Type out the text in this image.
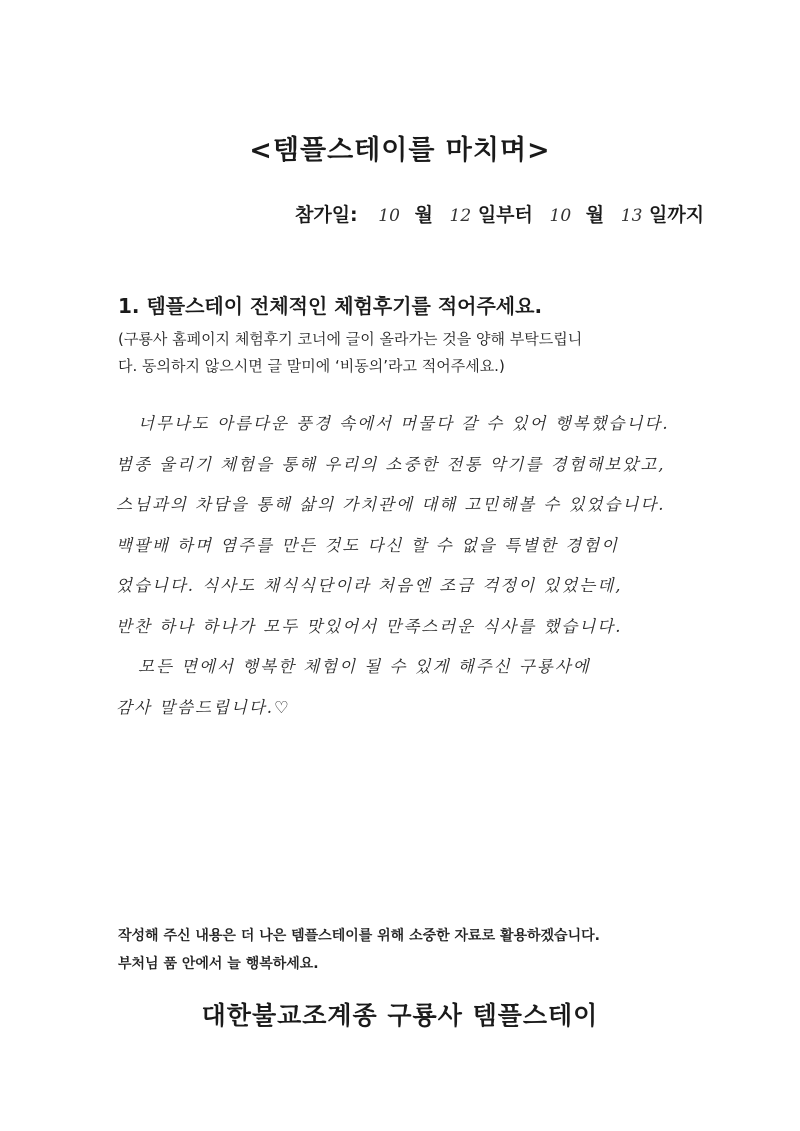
<템플스테이를 마치며>
참가일: 10 월 12 일부터 10 월 13 일까지
1. 템플스테이 전체적인 체험후기를 적어주세요.
(구룡사 홈페이지 체험후기 코너에 글이 올라가는 것을 양해 부탁드립니
다. 동의하지 않으시면 글 말미에 ‘비동의’라고 적어주세요.)
너무나도 아름다운 풍경 속에서 머물다 갈 수 있어 행복했습니다.
범종 울리기 체험을 통해 우리의 소중한 전통 악기를 경험해보았고,
스님과의 차담을 통해 삶의 가치관에 대해 고민해볼 수 있었습니다.
백팔배 하며 염주를 만든 것도 다신 할 수 없을 특별한 경험이
었습니다. 식사도 채식식단이라 처음엔 조금 걱정이 있었는데,
반찬 하나 하나가 모두 맛있어서 만족스러운 식사를 했습니다.
모든 면에서 행복한 체험이 될 수 있게 해주신 구룡사에
감사 말씀드립니다.♡
작성해 주신 내용은 더 나은 템플스테이를 위해 소중한 자료로 활용하겠습니다.
부처님 품 안에서 늘 행복하세요.
대한불교조계종 구룡사 템플스테이
